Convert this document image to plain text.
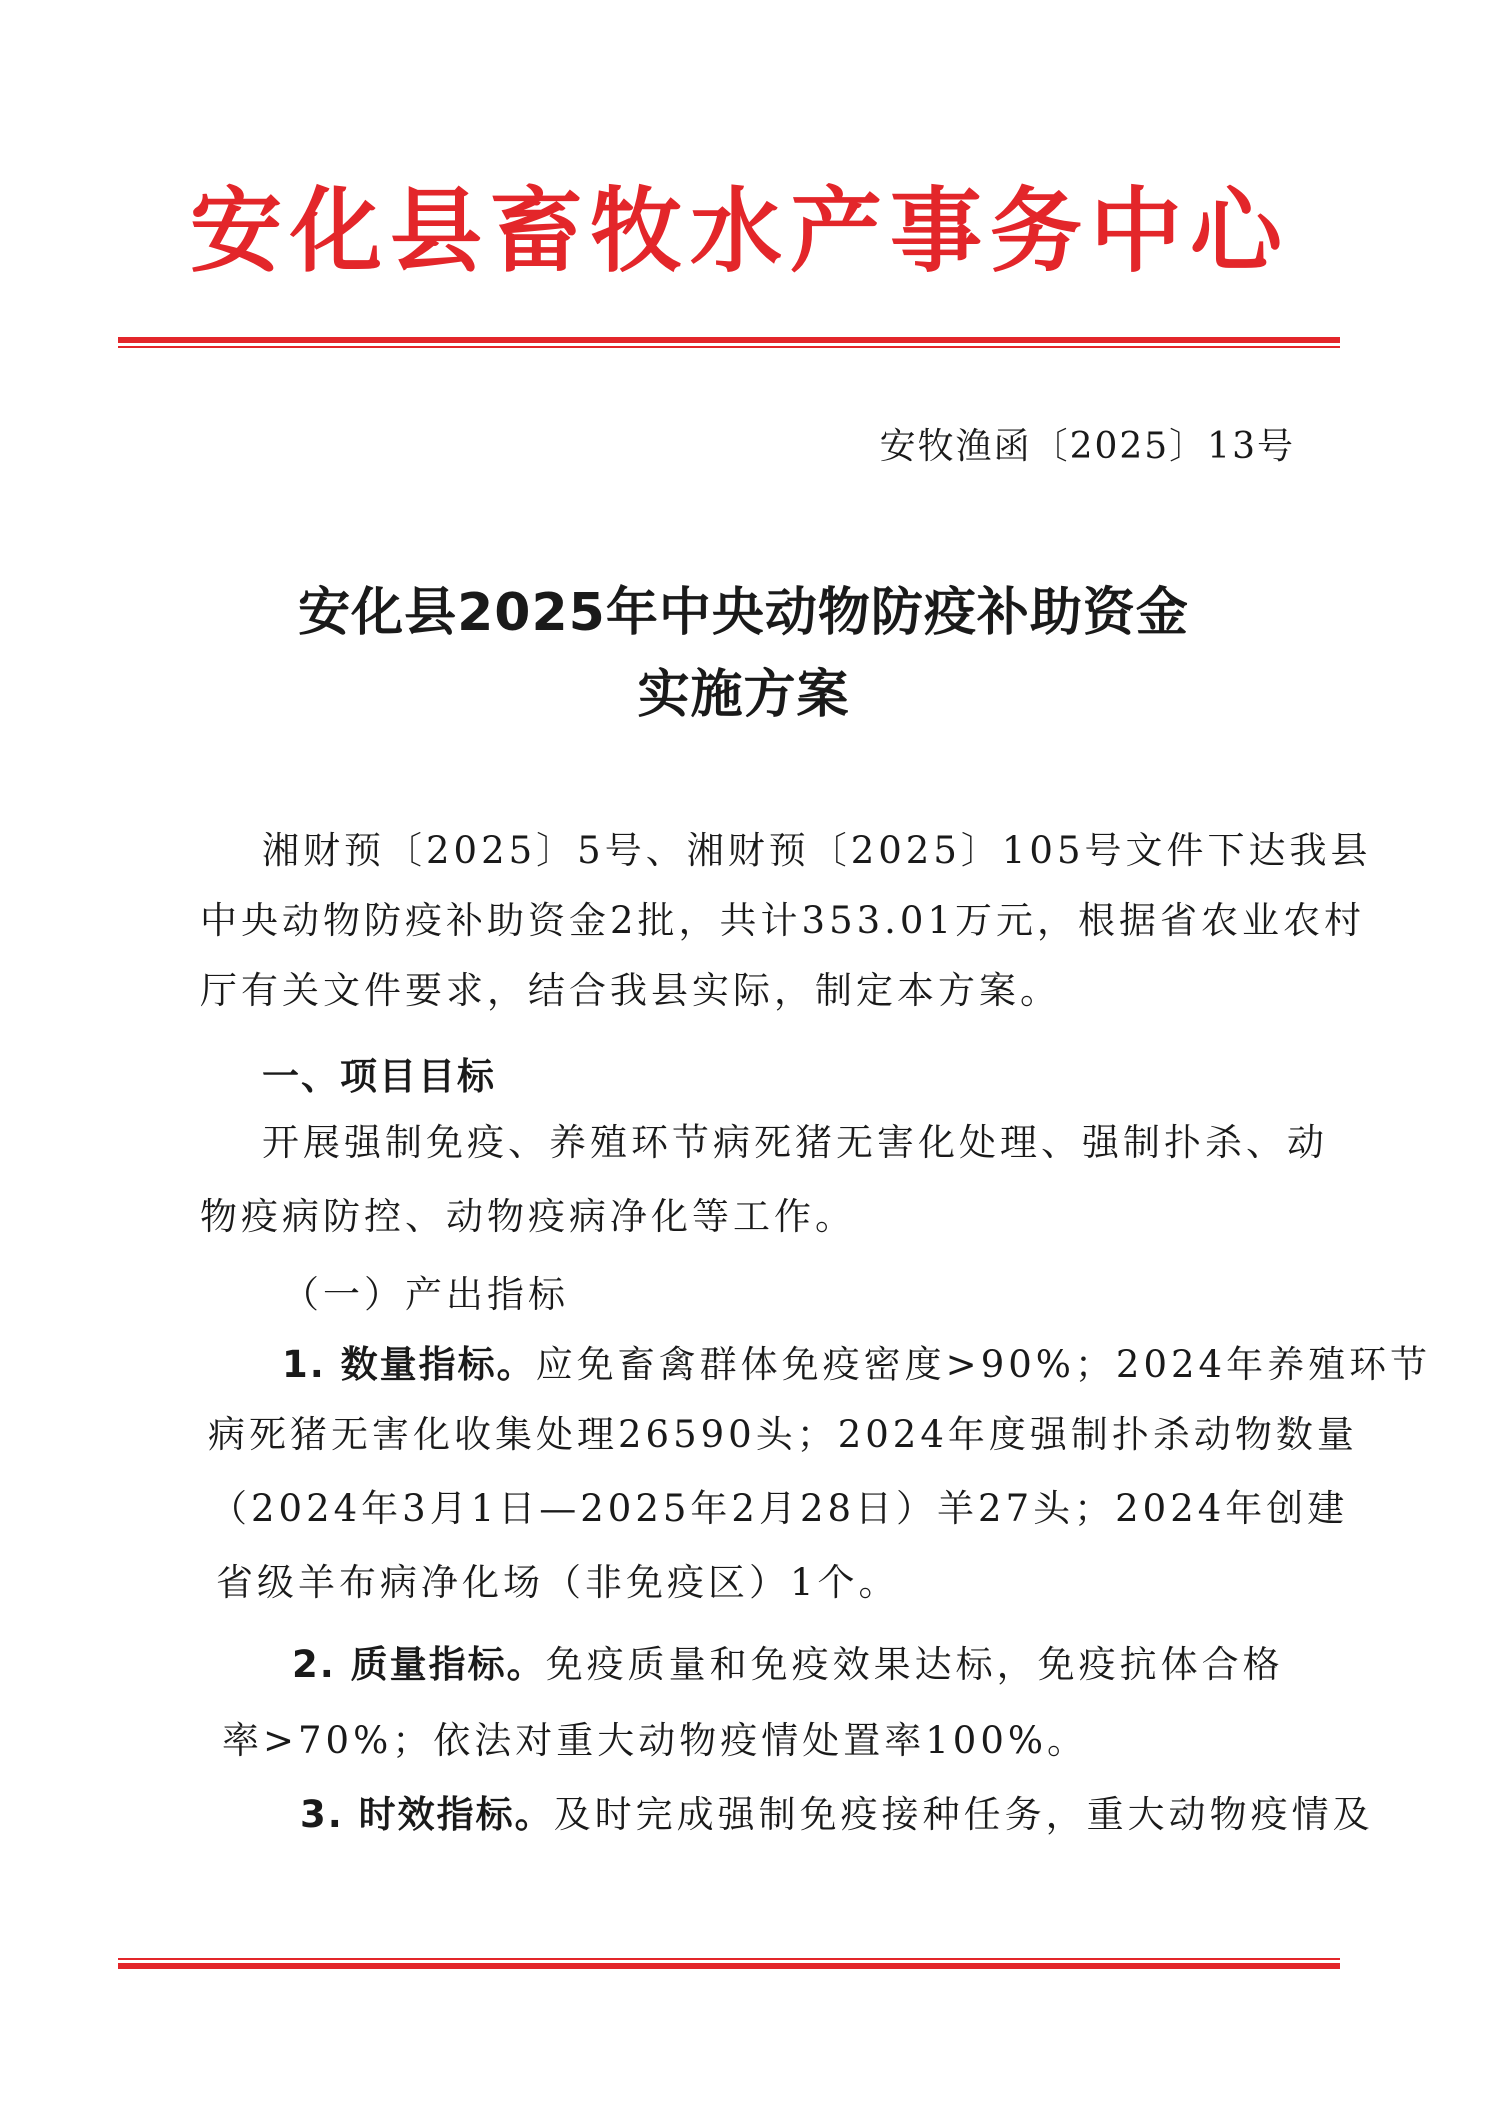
安化县畜牧水产事务中心
安牧渔函〔2025〕13号
安化县2025年中央动物防疫补助资金
实施方案
湘财预〔2025〕5号、湘财预〔2025〕105号文件下达我县
中央动物防疫补助资金2批，共计353.01万元，根据省农业农村
厅有关文件要求，结合我县实际，制定本方案。
一、项目目标
开展强制免疫、养殖环节病死猪无害化处理、强制扑杀、动
物疫病防控、动物疫病净化等工作。
（一）产出指标
1. 数量指标。应免畜禽群体免疫密度>90%；2024年养殖环节
病死猪无害化收集处理26590头；2024年度强制扑杀动物数量
（2024年3月1日—2025年2月28日）羊27头；2024年创建
省级羊布病净化场（非免疫区）1个。
2. 质量指标。免疫质量和免疫效果达标，免疫抗体合格
率>70%；依法对重大动物疫情处置率100%。
3. 时效指标。及时完成强制免疫接种任务，重大动物疫情及
